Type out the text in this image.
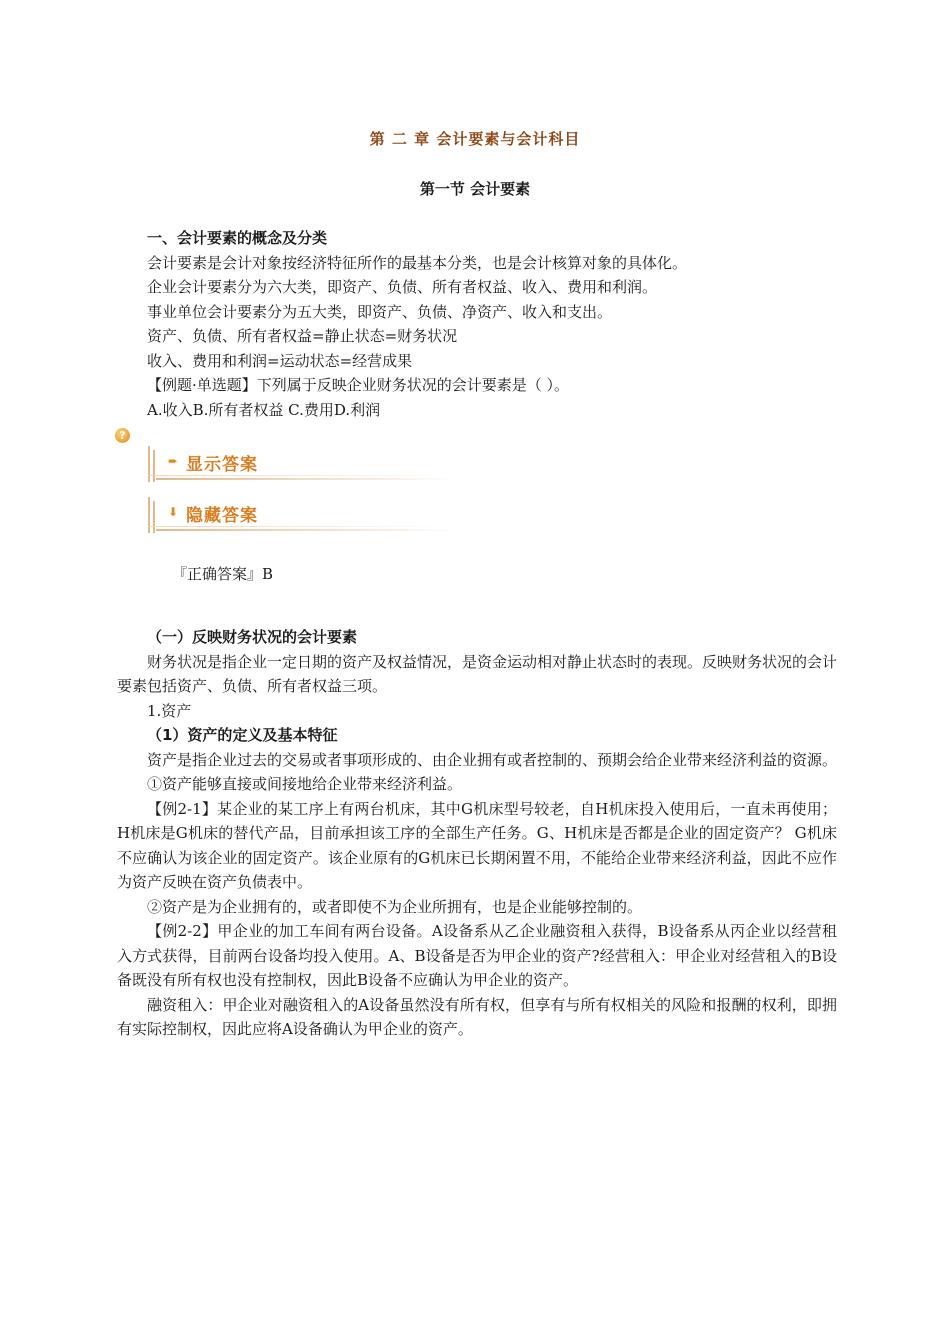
第 二 章 会计要素与会计科目
第一节 会计要素

一、会计要素的概念及分类

会计要素是会计对象按经济特征所作的最基本分类，也是会计核算对象的具体化。

企业会计要素分为六大类，即资产、负债、所有者权益、收入、费用和利润。

事业单位会计要素分为五大类，即资产、负债、净资产、收入和支出。

资产、负债、所有者权益=静止状态=财务状况

收入、费用和利润=运动状态=经营成果

【例题·单选题】下列属于反映企业财务状况的会计要素是（ ）。

A.收入B.所有者权益 C.费用D.利润

?
➨ 显示答案
⬇ 隐藏答案
『正确答案』B

（一）反映财务状况的会计要素

财务状况是指企业一定日期的资产及权益情况，是资金运动相对静止状态时的表现。反映财务状况的会计要素包括资产、负债、所有者权益三项。

1.资产

（1）资产的定义及基本特征

资产是指企业过去的交易或者事项形成的、由企业拥有或者控制的、预期会给企业带来经济利益的资源。

①资产能够直接或间接地给企业带来经济利益。

【例2-1】某企业的某工序上有两台机床，其中G机床型号较老，自H机床投入使用后，一直未再使用；H机床是G机床的替代产品，目前承担该工序的全部生产任务。G、H机床是否都是企业的固定资产？ G机床不应确认为该企业的固定资产。该企业原有的G机床已长期闲置不用，不能给企业带来经济利益，因此不应作为资产反映在资产负债表中。

②资产是为企业拥有的，或者即使不为企业所拥有，也是企业能够控制的。

【例2-2】甲企业的加工车间有两台设备。A设备系从乙企业融资租入获得，B设备系从丙企业以经营租入方式获得，目前两台设备均投入使用。A、B设备是否为甲企业的资产?经营租入：甲企业对经营租入的B设备既没有所有权也没有控制权，因此B设备不应确认为甲企业的资产。

融资租入：甲企业对融资租入的A设备虽然没有所有权，但享有与所有权相关的风险和报酬的权利，即拥有实际控制权，因此应将A设备确认为甲企业的资产。
